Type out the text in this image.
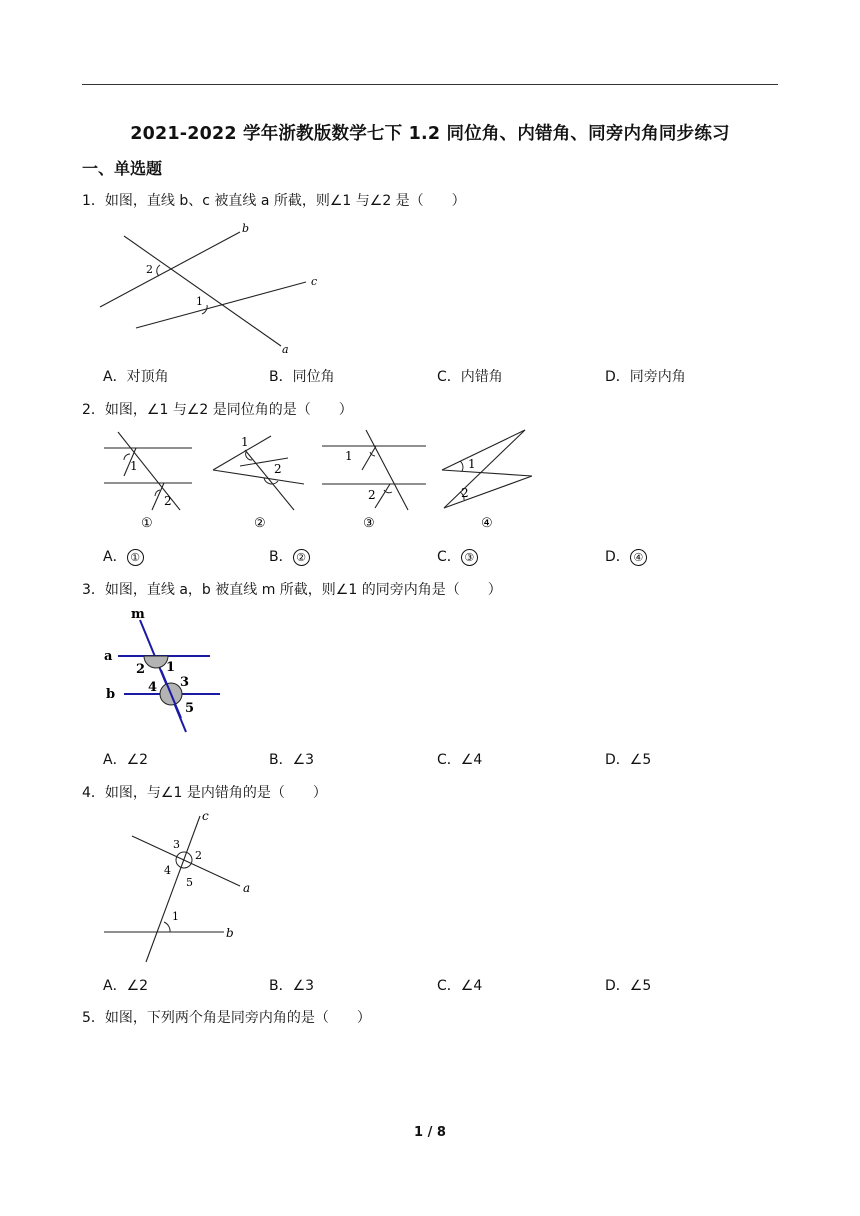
2021-2022 学年浙教版数学七下 1.2 同位角、内错角、同旁内角同步练习
一、单选题
1．如图，直线 b、c 被直线 a 所截，则∠1 与∠2 是（　　）
b
c
a
1
2
A．对顶角	B．同位角	C．内错角	D．同旁内角
2．如图，∠1 与∠2 是同位角的是（　　）
1
2
①
1
2
②
1
2
③
1
2
④
A． ①	B． ②	C． ③	D． ④
3．如图，直线 a，b 被直线 m 所截，则∠1 的同旁内角是（　　）
m
a
b
2 1
4 3
5
A．∠2	B．∠3	C．∠4	D．∠5
4．如图，与∠1 是内错角的是（　　）
c
a
b
1
2
3
4
5
A．∠2	B．∠3	C．∠4	D．∠5
5．如图，下列两个角是同旁内角的是（　　）
1 / 8
